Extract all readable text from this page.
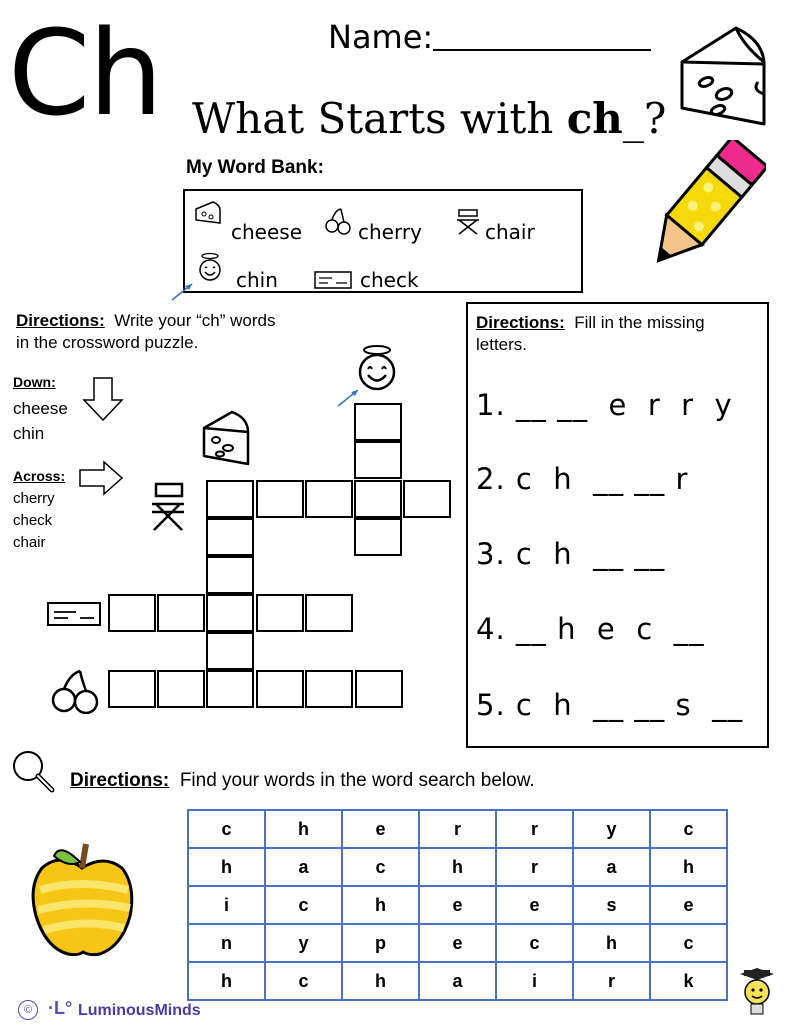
Ch	Name:
What Starts with ch_?
My Word Bank:
cheese	cherry	chair
chin	check
Directions: Write your “ch” words
in the crossword puzzle.
Down:
cheese
chin
Across:
cherry
check
chair
Directions: Fill in the missing
letters.
1. __ __  e  r  r  y
2. c  h  __ __ r
3. c  h  __ __
4. __ h  e  c  __
5. c  h  __ __ s  __
Directions: Find your words in the word search below.
c	h	e	r	r	y	c
h	a	c	h	r	a	h
i	c	h	e	e	s	e
n	y	p	e	c	h	c
h	c	h	a	i	r	k
© ·L° LuminousMinds
